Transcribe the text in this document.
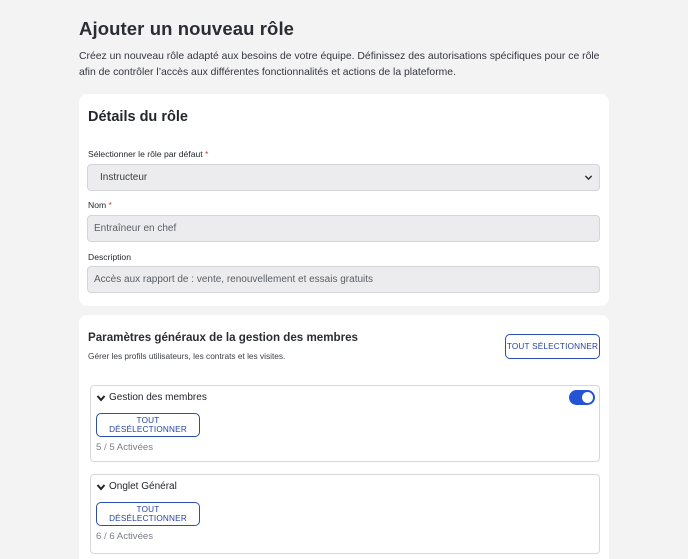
Ajouter un nouveau rôle

Créez un nouveau rôle adapté aux besoins de votre équipe. Définissez des autorisations spécifiques pour ce rôle afin de contrôler l’accès aux différentes fonctionnalités et actions de la plateforme.

Détails du rôle
Sélectionner le rôle par défaut *
Instructeur
Nom *
Entraîneur en chef
Description
Accès aux rapport de : vente, renouvellement et essais gratuits
Paramètres généraux de la gestion des membres

Gérer les profils utilisateurs, les contrats et les visites.

TOUT SÉLECTIONNER
Gestion des membres
TOUT DÉSÉLECTIONNER
5 / 5 Activées
Onglet Général
TOUT DÉSÉLECTIONNER
6 / 6 Activées
